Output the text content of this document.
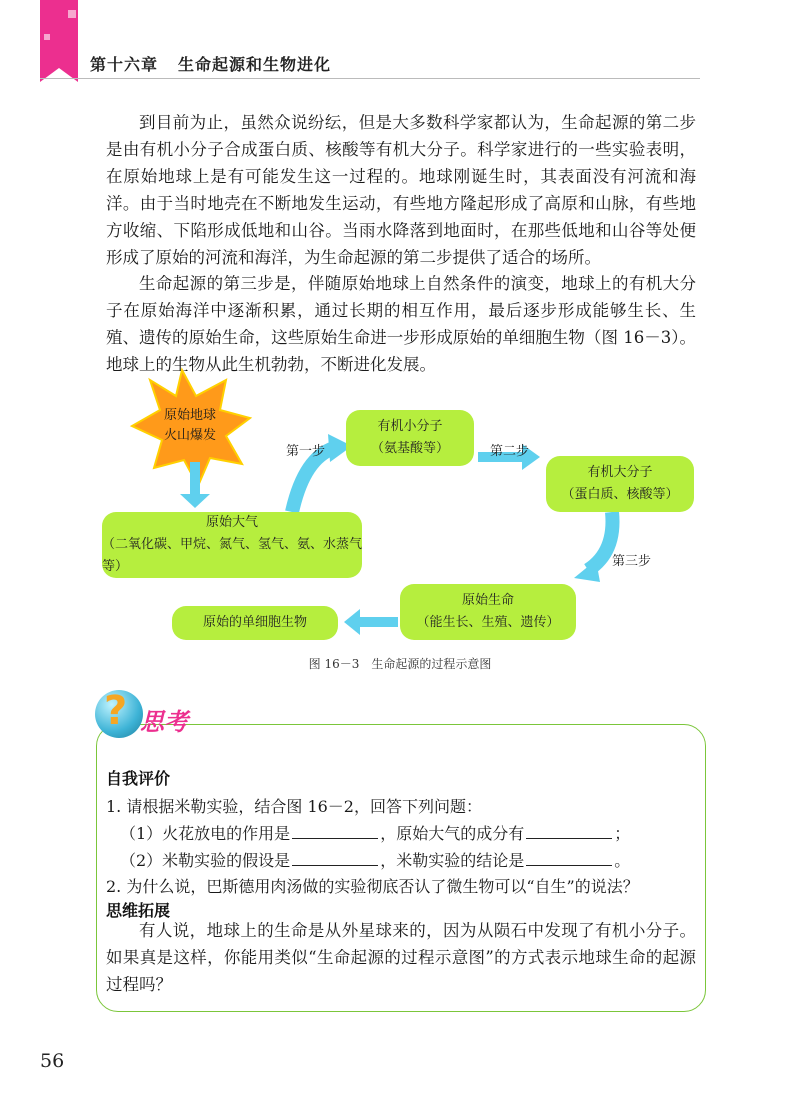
第十六章 生命起源和生物进化

到目前为止，虽然众说纷纭，但是大多数科学家都认为，生命起源的第二步是由有机小分子合成蛋白质、核酸等有机大分子。科学家进行的一些实验表明，在原始地球上是有可能发生这一过程的。地球刚诞生时，其表面没有河流和海洋。由于当时地壳在不断地发生运动，有些地方隆起形成了高原和山脉，有些地方收缩、下陷形成低地和山谷。当雨水降落到地面时，在那些低地和山谷等处便形成了原始的河流和海洋，为生命起源的第二步提供了适合的场所。

生命起源的第三步是，伴随原始地球上自然条件的演变，地球上的有机大分子在原始海洋中逐渐积累，通过长期的相互作用，最后逐步形成能够生长、生殖、遗传的原始生命，这些原始生命进一步形成原始的单细胞生物（图 16－3）。地球上的生物从此生机勃勃，不断进化发展。

原始地球
火山爆发
原始大气
（二氧化碳、甲烷、氮气、氢气、氨、水蒸气等）
有机小分子
（氨基酸等）
有机大分子
（蛋白质、核酸等）
原始生命
（能生长、生殖、遗传）
原始的单细胞生物
第一步	第二步
第三步
图 16－3　生命起源的过程示意图
? 思考
自我评价
1. 请根据米勒实验，结合图 16－2，回答下列问题：
（1）火花放电的作用是	，原始大气的成分有	；
（2）米勒实验的假设是	，米勒实验的结论是	。
2. 为什么说，巴斯德用肉汤做的实验彻底否认了微生物可以“自生”的说法？
思维拓展

有人说，地球上的生命是从外星球来的，因为从陨石中发现了有机小分子。如果真是这样，你能用类似“生命起源的过程示意图”的方式表示地球生命的起源过程吗？

56
